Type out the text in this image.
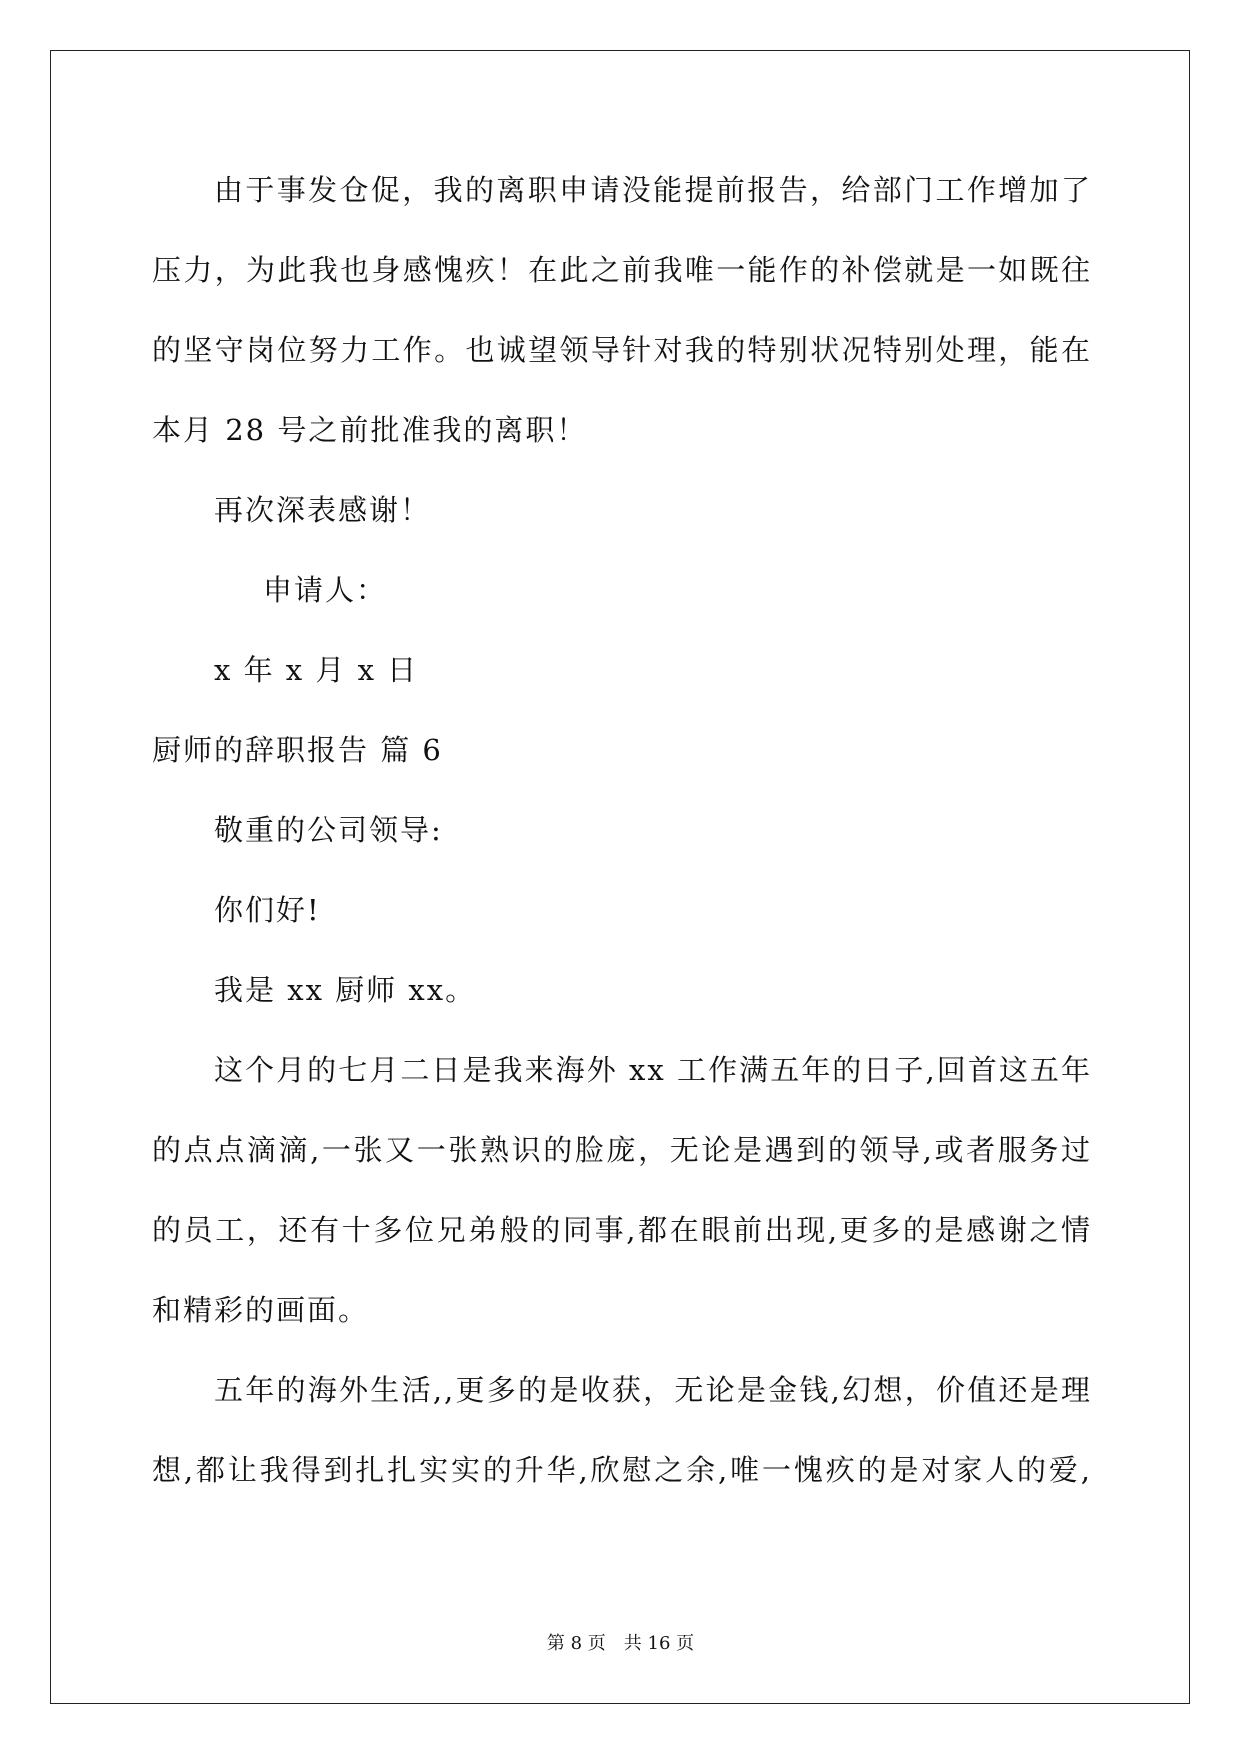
由于事发仓促，我的离职申请没能提前报告，给部门工作增加了
压力，为此我也身感愧疚！在此之前我唯一能作的补偿就是一如既往
的坚守岗位努力工作。也诚望领导针对我的特别状况特别处理，能在
本月 28 号之前批准我的离职！
再次深表感谢！
申请人：
x 年 x 月 x 日
厨师的辞职报告 篇 6
敬重的公司领导:
你们好!
我是 xx 厨师 xx。
这个月的七月二日是我来海外 xx 工作满五年的日子,回首这五年
的点点滴滴,一张又一张熟识的脸庞，无论是遇到的领导,或者服务过
的员工，还有十多位兄弟般的同事,都在眼前出现,更多的是感谢之情
和精彩的画面。
五年的海外生活,,更多的是收获，无论是金钱,幻想，价值还是理
想,都让我得到扎扎实实的升华,欣慰之余,唯一愧疚的是对家人的爱,
第 8 页 共 16 页
